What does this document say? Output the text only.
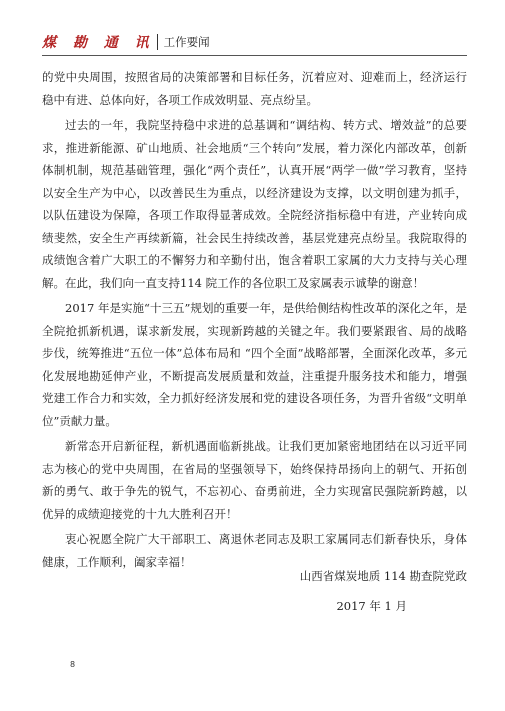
煤 勘 通 讯 工作要闻

的党中央周围，按照省局的决策部署和目标任务，沉着应对、迎难而上，经济运行稳中有进、总体向好，各项工作成效明显、亮点纷呈。

过去的一年，我院坚持稳中求进的总基调和“调结构、转方式、增效益”的总要求，推进新能源、矿山地质、社会地质“三个转向”发展，着力深化内部改革，创新体制机制，规范基础管理，强化“两个责任”，认真开展“两学一做”学习教育，坚持以安全生产为中心，以改善民生为重点，以经济建设为支撑，以文明创建为抓手，以队伍建设为保障，各项工作取得显著成效。全院经济指标稳中有进，产业转向成绩斐然，安全生产再续新篇，社会民生持续改善，基层党建亮点纷呈。我院取得的成绩饱含着广大职工的不懈努力和辛勤付出，饱含着职工家属的大力支持与关心理解。在此，我们向一直支持114 院工作的各位职工及家属表示诚挚的谢意！

2017 年是实施“十三五”规划的重要一年，是供给侧结构性改革的深化之年，是全院抢抓新机遇，谋求新发展，实现新跨越的关键之年。我们要紧跟省、局的战略步伐，统筹推进“五位一体”总体布局和 “四个全面”战略部署，全面深化改革，多元化发展地勘延伸产业，不断提高发展质量和效益，注重提升服务技术和能力，增强党建工作合力和实效，全力抓好经济发展和党的建设各项任务，为晋升省级“文明单位”贡献力量。

新常态开启新征程，新机遇面临新挑战。让我们更加紧密地团结在以习近平同志为核心的党中央周围，在省局的坚强领导下，始终保持昂扬向上的朝气、开拓创新的勇气、敢于争先的锐气，不忘初心、奋勇前进，全力实现富民强院新跨越，以优异的成绩迎接党的十九大胜利召开！

衷心祝愿全院广大干部职工、离退休老同志及职工家属同志们新春快乐，身体健康，工作顺利，阖家幸福！

山西省煤炭地质 114 勘查院党政
2017 年 1 月
8
